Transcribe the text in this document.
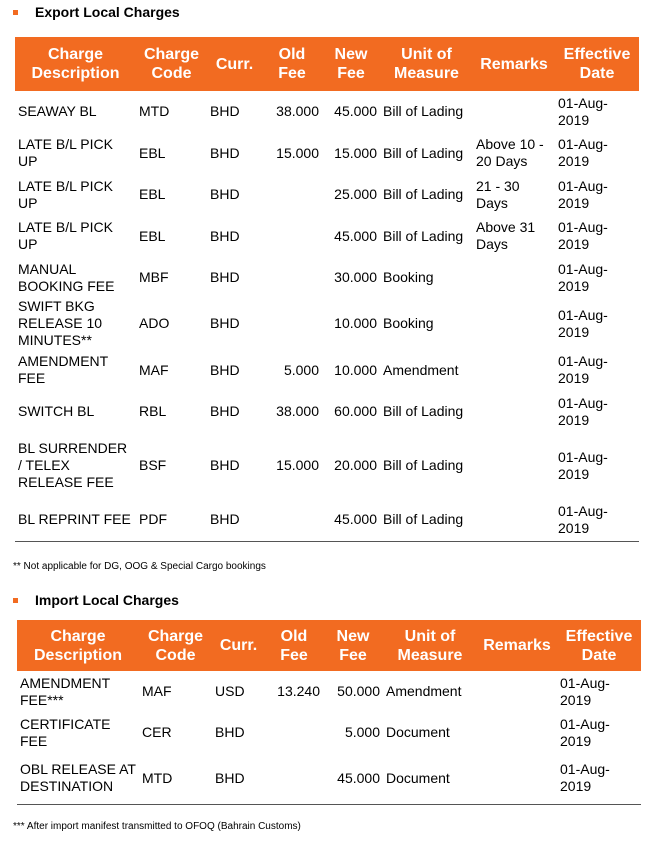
Export Local Charges
Charge Description	Charge Code	Curr.	Old Fee	New Fee	Unit of Measure	Remarks	Effective Date
SEAWAY BL	MTD	BHD	38.000	45.000	Bill of Lading		01-Aug-2019
LATE B/L PICK UP	EBL	BHD	15.000	15.000	Bill of Lading	Above 10 - 20 Days	01-Aug-2019
LATE B/L PICK UP	EBL	BHD		25.000	Bill of Lading	21 - 30 Days	01-Aug-2019
LATE B/L PICK UP	EBL	BHD		45.000	Bill of Lading	Above 31 Days	01-Aug-2019
MANUAL BOOKING FEE	MBF	BHD		30.000	Booking		01-Aug-2019
SWIFT BKG RELEASE 10 MINUTES**	ADO	BHD		10.000	Booking		01-Aug-2019
AMENDMENT FEE	MAF	BHD	5.000	10.000	Amendment		01-Aug-2019
SWITCH BL	RBL	BHD	38.000	60.000	Bill of Lading		01-Aug-2019
BL SURRENDER / TELEX RELEASE FEE	BSF	BHD	15.000	20.000	Bill of Lading		01-Aug-2019
BL REPRINT FEE	PDF	BHD		45.000	Bill of Lading		01-Aug-2019
** Not applicable for DG, OOG & Special Cargo bookings
Import Local Charges
Charge Description	Charge Code	Curr.	Old Fee	New Fee	Unit of Measure	Remarks	Effective Date
AMENDMENT FEE***	MAF	USD	13.240	50.000	Amendment		01-Aug-2019
CERTIFICATE FEE	CER	BHD		5.000	Document		01-Aug-2019
OBL RELEASE AT DESTINATION	MTD	BHD		45.000	Document		01-Aug-2019
*** After import manifest transmitted to OFOQ (Bahrain Customs)
